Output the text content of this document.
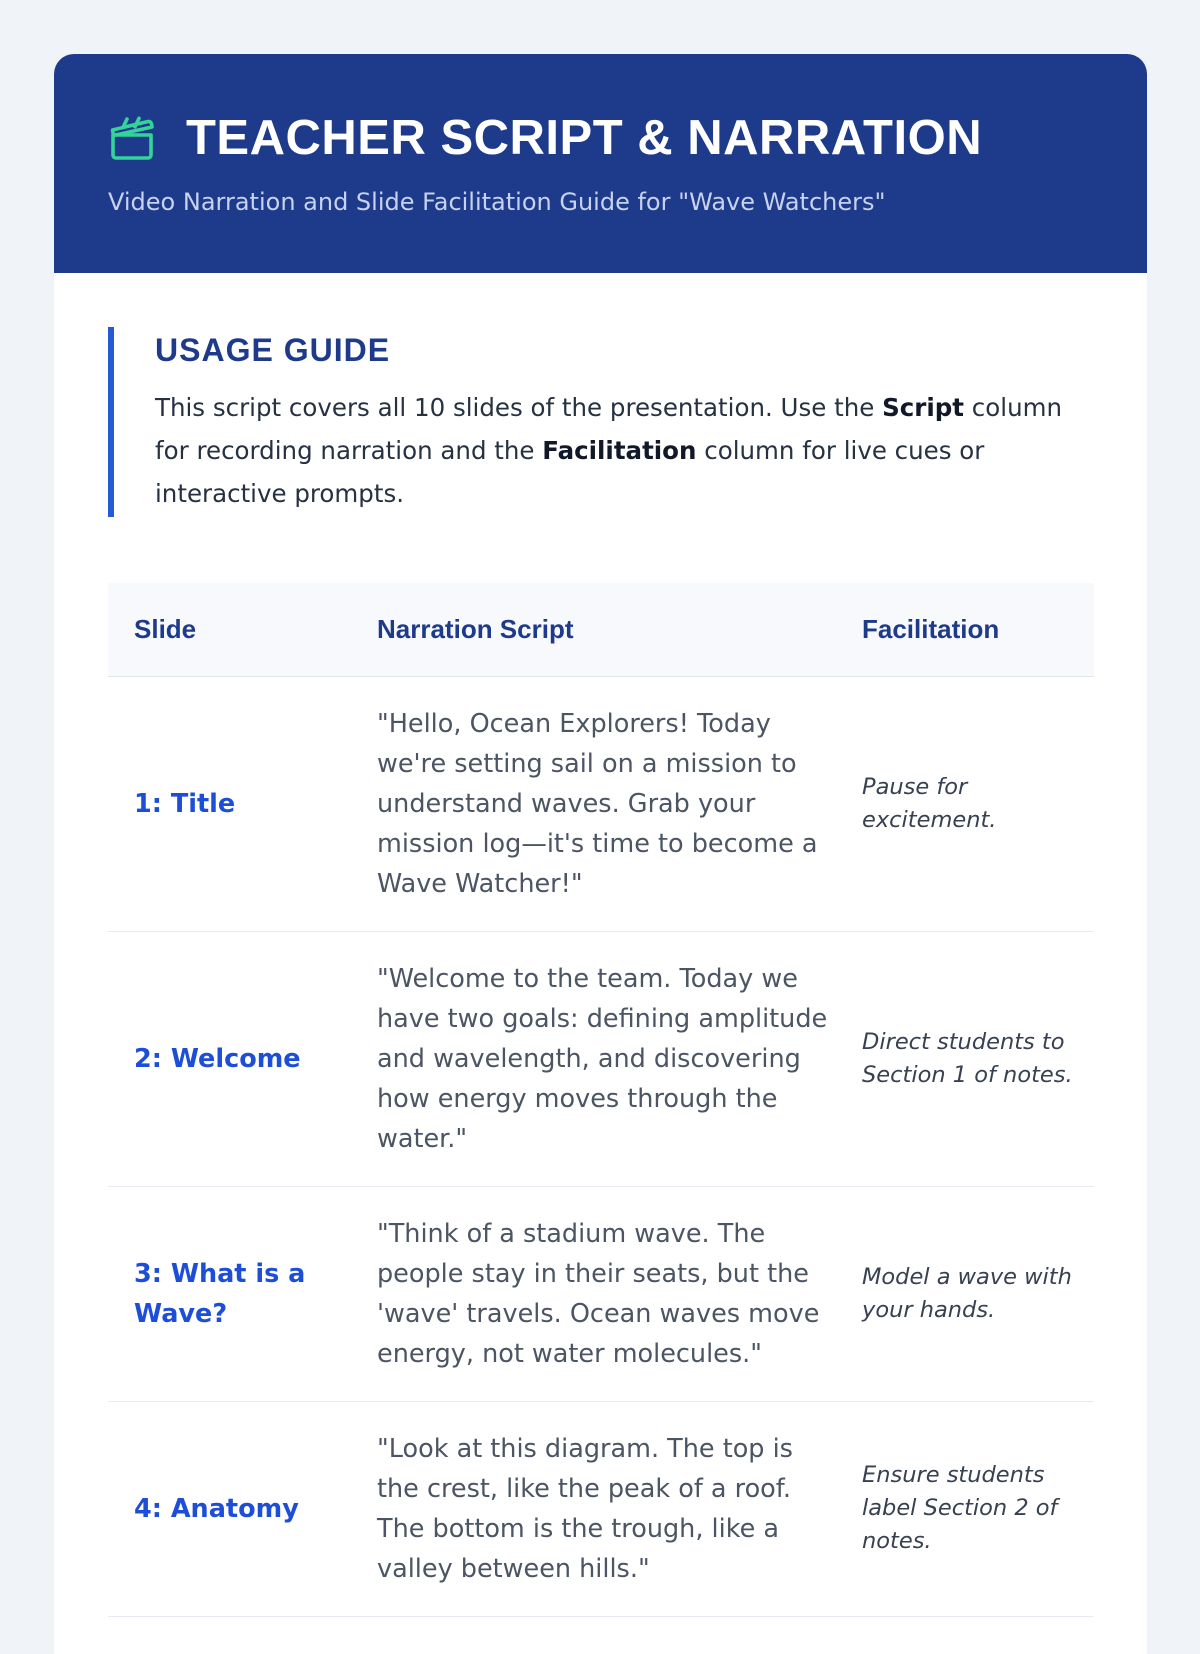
TEACHER SCRIPT & NARRATION
Video Narration and Slide Facilitation Guide for "Wave Watchers"
USAGE GUIDE

This script covers all 10 slides of the presentation. Use the Script column for recording narration and the Facilitation column for live cues or interactive prompts.

Slide	Narration Script	Facilitation
1: Title	"Hello, Ocean Explorers! Today we're setting sail on a mission to understand waves. Grab your mission log—it's time to become a Wave Watcher!"	Pause for excitement.
2: Welcome	"Welcome to the team. Today we have two goals: defining amplitude and wavelength, and discovering how energy moves through the water."	Direct students to Section 1 of notes.
3: What is a Wave?	"Think of a stadium wave. The people stay in their seats, but the 'wave' travels. Ocean waves move energy, not water molecules."	Model a wave with your hands.
4: Anatomy	"Look at this diagram. The top is the crest, like the peak of a roof. The bottom is the trough, like a valley between hills."	Ensure students label Section 2 of notes.
